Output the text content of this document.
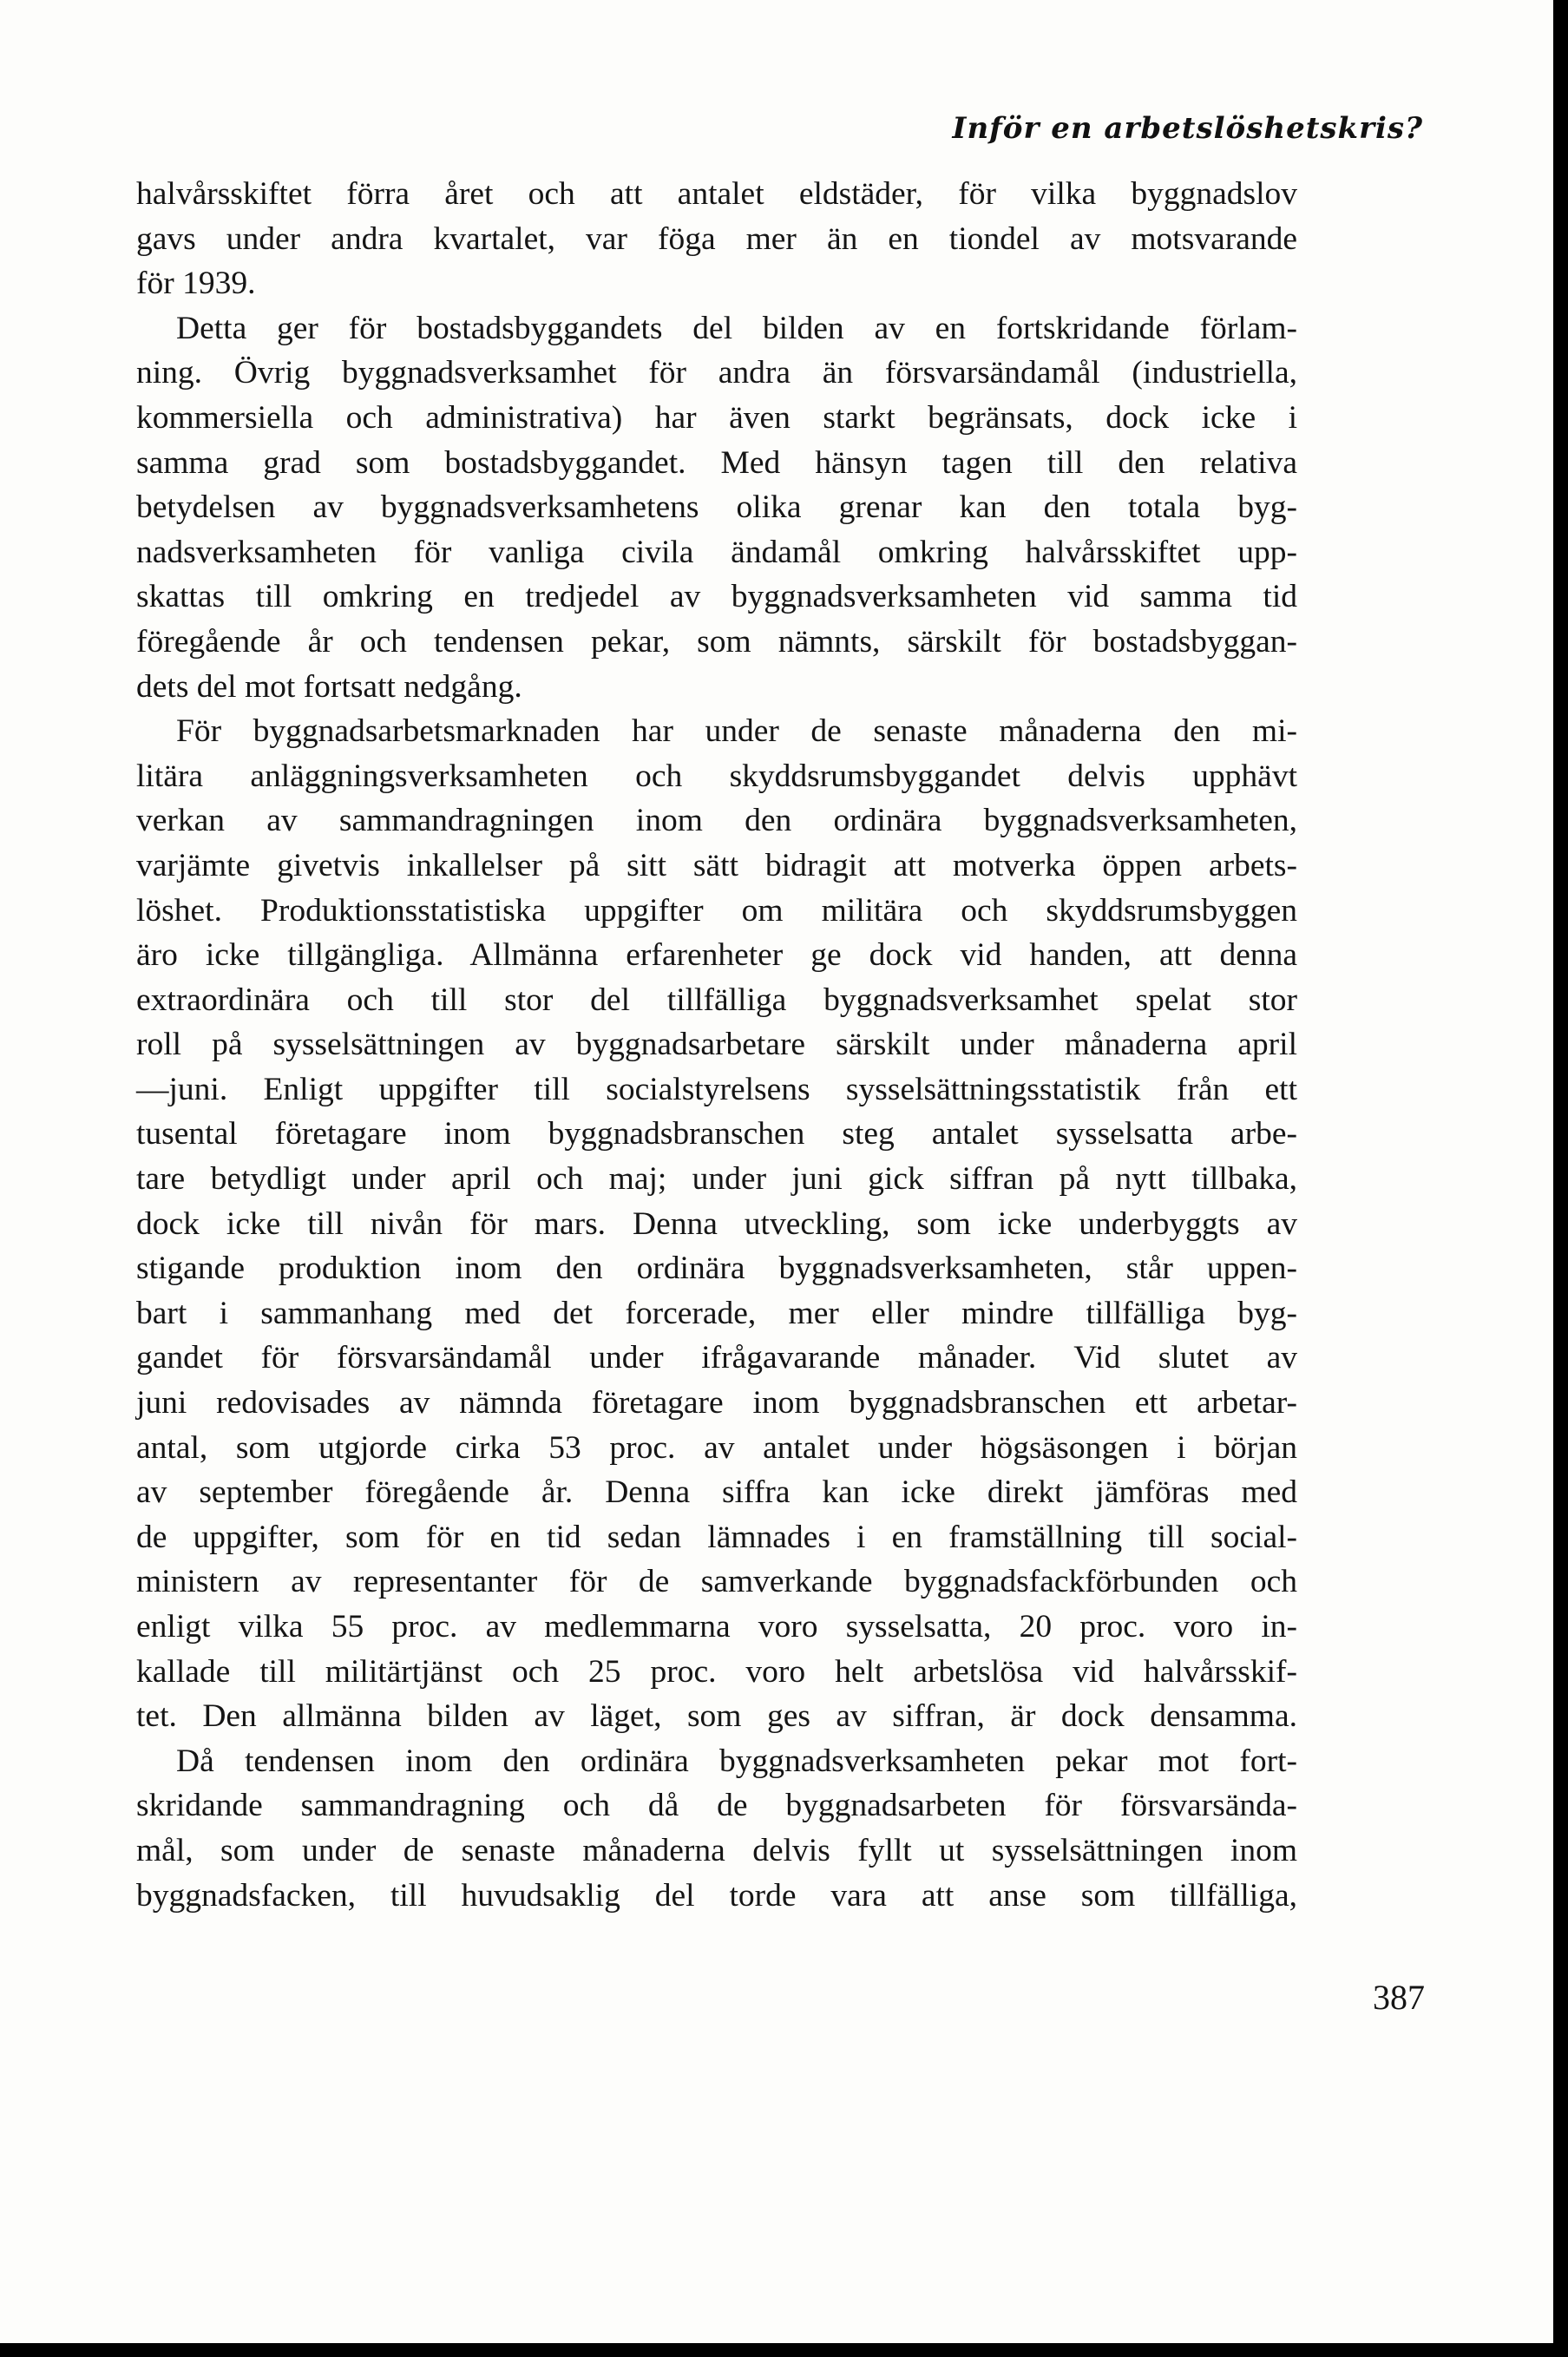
Inför en arbetslöshetskris?

halvårsskiftet förra året och att antalet eldstäder, för vilka byggnadslov
gavs under andra kvartalet, var föga mer än en tiondel av motsvarande
för 1939.

Detta ger för bostadsbyggandets del bilden av en fortskridande förlam-
ning. Övrig byggnadsverksamhet för andra än försvarsändamål (industriella,
kommersiella och administrativa) har även starkt begränsats, dock icke i
samma grad som bostadsbyggandet. Med hänsyn tagen till den relativa
betydelsen av byggnadsverksamhetens olika grenar kan den totala byg-
nadsverksamheten för vanliga civila ändamål omkring halvårsskiftet upp-
skattas till omkring en tredjedel av byggnadsverksamheten vid samma tid
föregående år och tendensen pekar, som nämnts, särskilt för bostadsbyggan-
dets del mot fortsatt nedgång.

För byggnadsarbetsmarknaden har under de senaste månaderna den mi-
litära anläggningsverksamheten och skyddsrumsbyggandet delvis upphävt
verkan av sammandragningen inom den ordinära byggnadsverksamheten,
varjämte givetvis inkallelser på sitt sätt bidragit att motverka öppen arbets-
löshet. Produktionsstatistiska uppgifter om militära och skyddsrumsbyggen
äro icke tillgängliga. Allmänna erfarenheter ge dock vid handen, att denna
extraordinära och till stor del tillfälliga byggnadsverksamhet spelat stor
roll på sysselsättningen av byggnadsarbetare särskilt under månaderna april
—juni. Enligt uppgifter till socialstyrelsens sysselsättningsstatistik från ett
tusental företagare inom byggnadsbranschen steg antalet sysselsatta arbe-
tare betydligt under april och maj; under juni gick siffran på nytt tillbaka,
dock icke till nivån för mars. Denna utveckling, som icke underbyggts av
stigande produktion inom den ordinära byggnadsverksamheten, står uppen-
bart i sammanhang med det forcerade, mer eller mindre tillfälliga byg-
gandet för försvarsändamål under ifrågavarande månader. Vid slutet av
juni redovisades av nämnda företagare inom byggnadsbranschen ett arbetar-
antal, som utgjorde cirka 53 proc. av antalet under högsäsongen i början
av september föregående år. Denna siffra kan icke direkt jämföras med
de uppgifter, som för en tid sedan lämnades i en framställning till social-
ministern av representanter för de samverkande byggnadsfackförbunden och
enligt vilka 55 proc. av medlemmarna voro sysselsatta, 20 proc. voro in-
kallade till militärtjänst och 25 proc. voro helt arbetslösa vid halvårsskif-
tet. Den allmänna bilden av läget, som ges av siffran, är dock densamma.

Då tendensen inom den ordinära byggnadsverksamheten pekar mot fort-
skridande sammandragning och då de byggnadsarbeten för försvarsända-
mål, som under de senaste månaderna delvis fyllt ut sysselsättningen inom
byggnadsfacken, till huvudsaklig del torde vara att anse som tillfälliga,

387
